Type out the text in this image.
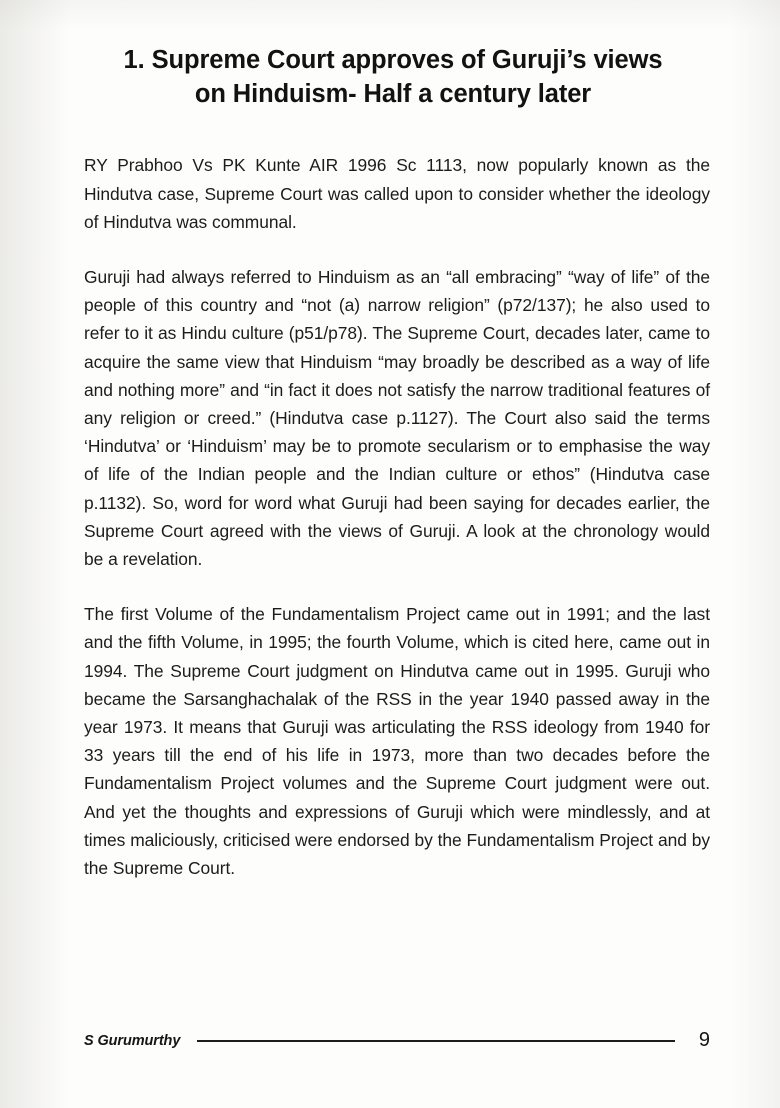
1. Supreme Court approves of Guruji’s views
on Hinduism- Half a century later

RY Prabhoo Vs PK Kunte AIR 1996 Sc 1113, now popularly known as the Hindutva case, Supreme Court was called upon to consider whether the ideology of Hindutva was communal.

Guruji had always referred to Hinduism as an “all embracing” “way of life” of the people of this country and “not (a) narrow religion” (p72/137); he also used to refer to it as Hindu culture (p51/p78). The Supreme Court, decades later, came to acquire the same view that Hinduism “may broadly be described as a way of life and nothing more” and “in fact it does not satisfy the narrow traditional features of any religion or creed.” (Hindutva case p.1127). The Court also said the terms ‘Hindutva’ or ‘Hinduism’ may be to promote secularism or to emphasise the way of life of the Indian people and the Indian culture or ethos” (Hindutva case p.1132). So, word for word what Guruji had been saying for decades earlier, the Supreme Court agreed with the views of Guruji. A look at the chronology would be a revelation.

The first Volume of the Fundamentalism Project came out in 1991; and the last and the fifth Volume, in 1995; the fourth Volume, which is cited here, came out in 1994. The Supreme Court judgment on Hindutva came out in 1995. Guruji who became the Sarsanghachalak of the RSS in the year 1940 passed away in the year 1973. It means that Guruji was articulating the RSS ideology from 1940 for 33 years till the end of his life in 1973, more than two decades before the Fundamentalism Project volumes and the Supreme Court judgment were out. And yet the thoughts and expressions of Guruji which were mindlessly, and at times maliciously, criticised were endorsed by the Fundamentalism Project and by the Supreme Court.

S Gurumurthy	9
